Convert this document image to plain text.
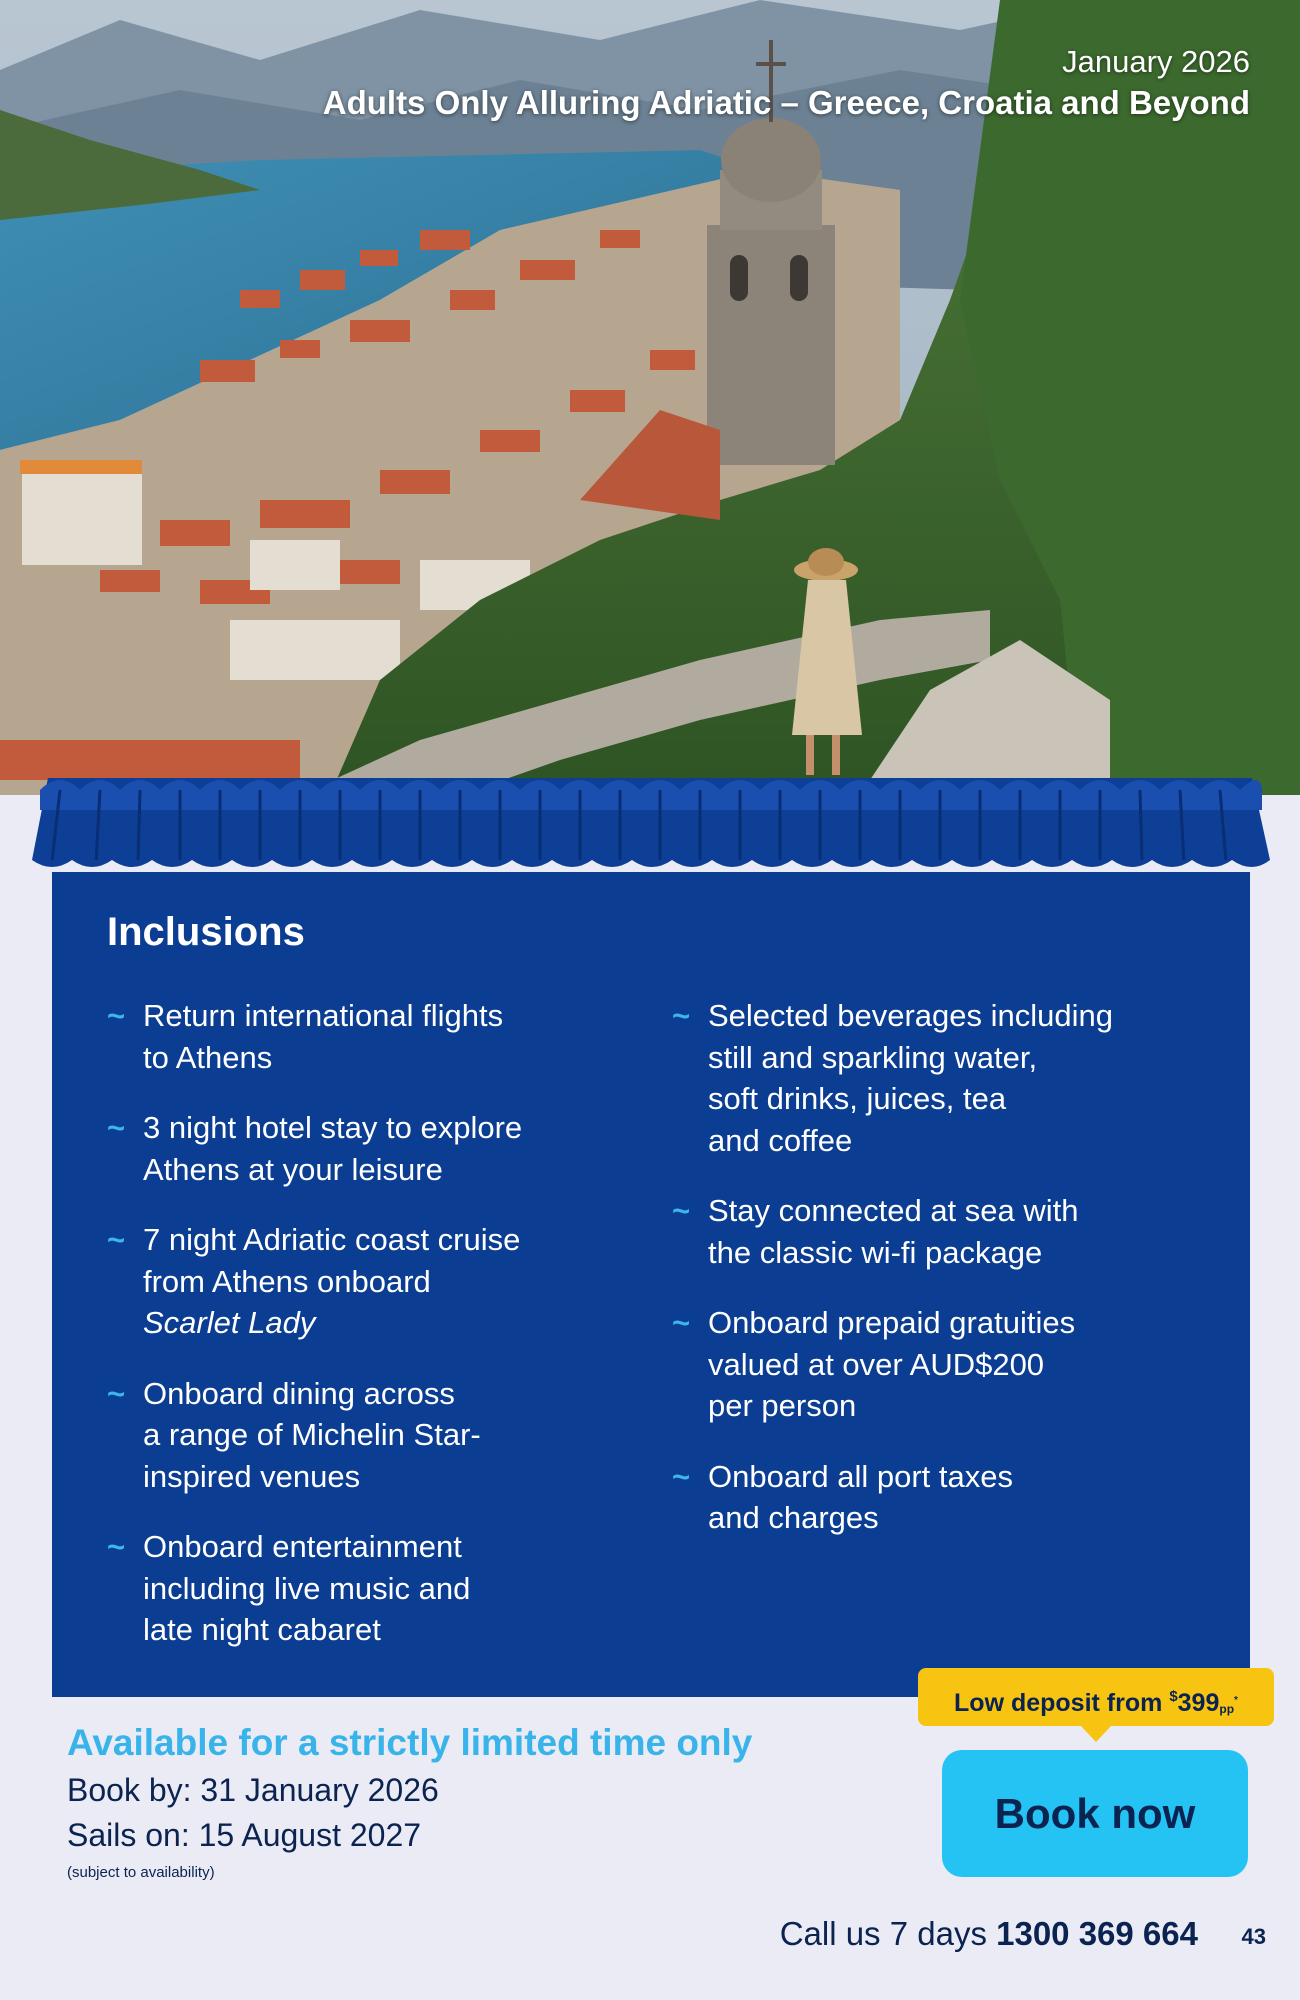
January 2026
Adults Only Alluring Adriatic – Greece, Croatia and Beyond
Inclusions
~ Return international flights
to Athens
~ 3 night hotel stay to explore
Athens at your leisure
~ 7 night Adriatic coast cruise
from Athens onboard
Scarlet Lady
~ Onboard dining across
a range of Michelin Star-
inspired venues
~ Onboard entertainment
including live music and
late night cabaret
~ Selected beverages including
still and sparkling water,
soft drinks, juices, tea
and coffee
~ Stay connected at sea with
the classic wi-fi package
~ Onboard prepaid gratuities
valued at over AUD$200
per person
~ Onboard all port taxes
and charges
Low deposit from $399pp*
Book now
Available for a strictly limited time only
Book by: 31 January 2026
Sails on: 15 August 2027
(subject to availability)
Call us 7 days 1300 369 664 43
